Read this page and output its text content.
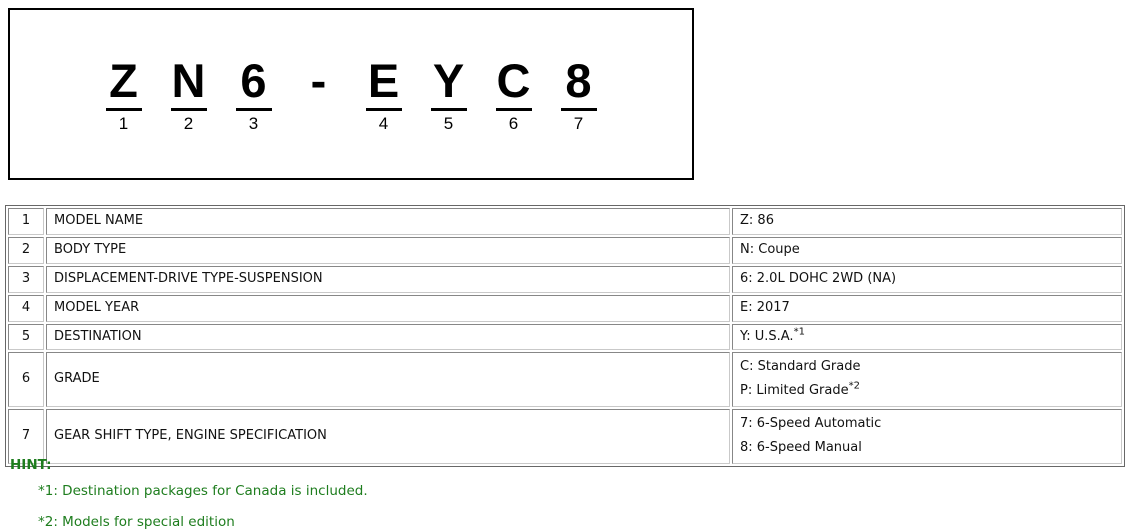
Z
1
N
2
6
3
- E
4
Y
5
C
6
8
7
1	MODEL NAME	Z: 86

2	BODY TYPE	N: Coupe

3	DISPLACEMENT-DRIVE TYPE-SUSPENSION	6: 2.0L DOHC 2WD (NA)

4	MODEL YEAR	E: 2017

5	DESTINATION	Y: U.S.A.$^{*1}$

6	GRADE	C: Standard Grade
P: Limited Grade$^{*2}$

7	GEAR SHIFT TYPE, ENGINE SPECIFICATION	7: 6-Speed Automatic
8: 6-Speed Manual
HINT:
*1: Destination packages for Canada is included.
*2: Models for special edition
